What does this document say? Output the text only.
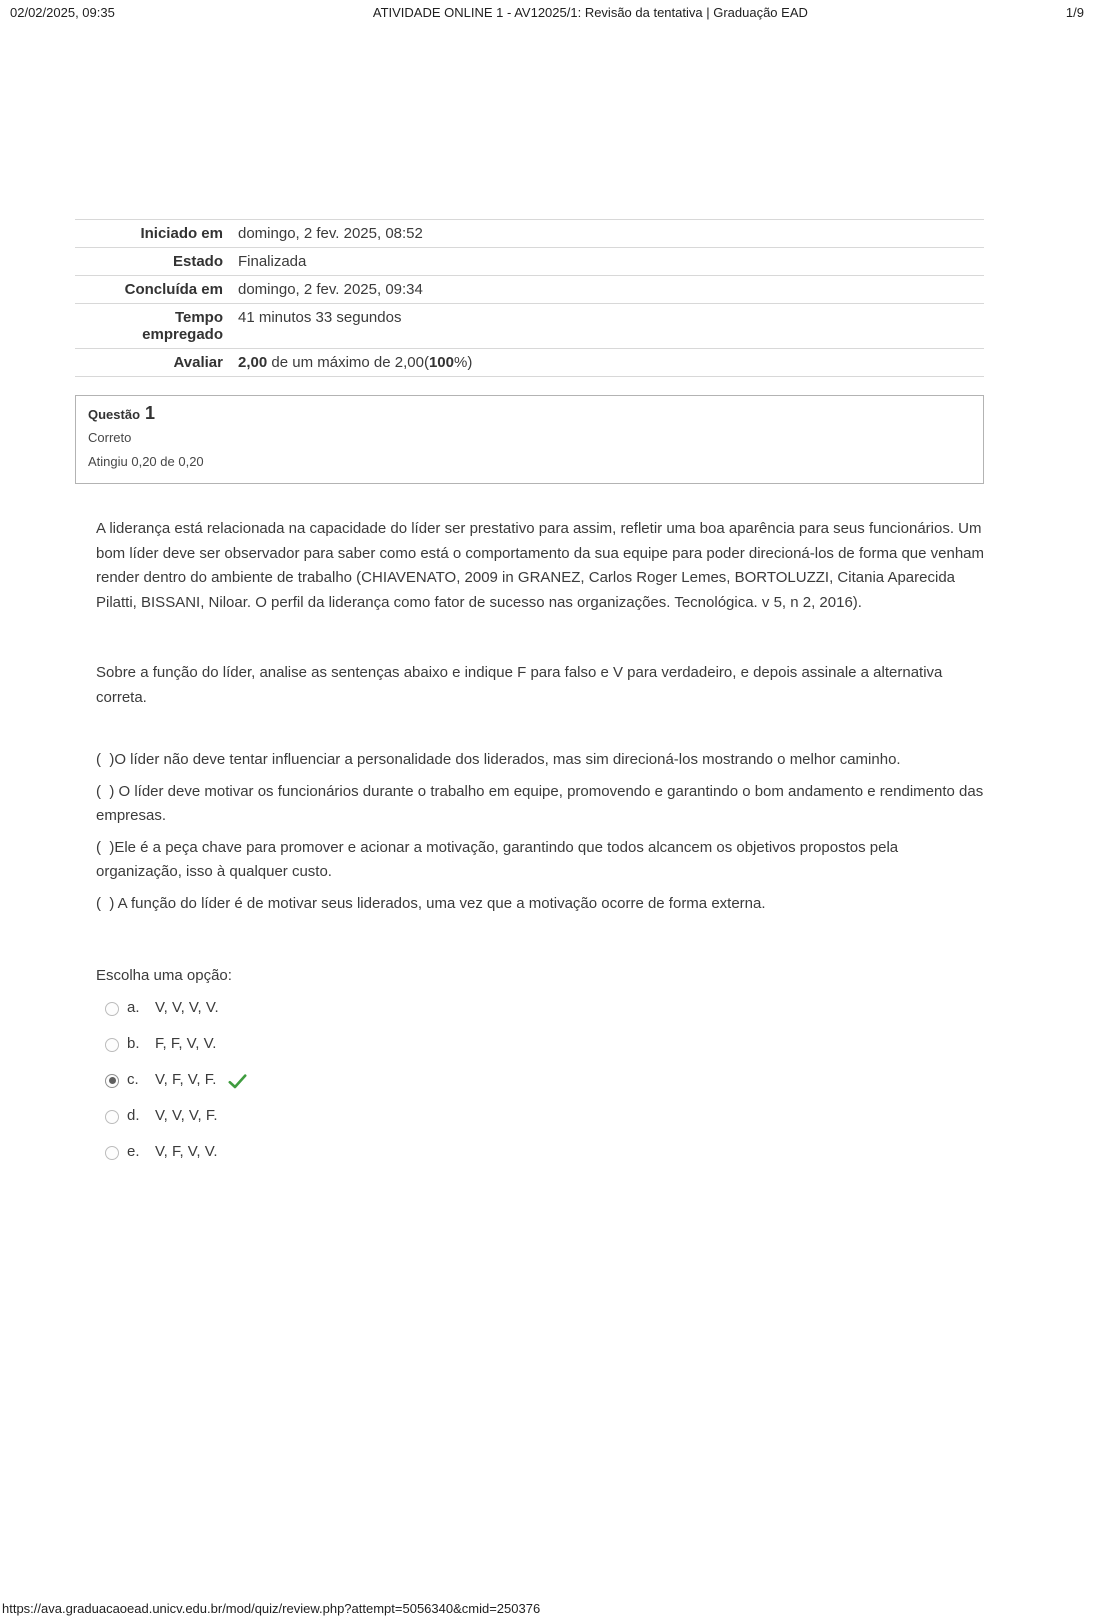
02/02/2025, 09:35	ATIVIDADE ONLINE 1 - AV12025/1: Revisão da tentativa | Graduação EAD	1/9
Iniciado em	domingo, 2 fev. 2025, 08:52
Estado	Finalizada
Concluída em	domingo, 2 fev. 2025, 09:34
Tempo empregado	41 minutos 33 segundos
Avaliar	2,00 de um máximo de 2,00(100%)
Questão 1
Correto
Atingiu 0,20 de 0,20

A liderança está relacionada na capacidade do líder ser prestativo para assim, refletir uma boa aparência para seus funcionários. Um bom líder deve ser observador para saber como está o comportamento da sua equipe para poder direcioná-los de forma que venham render dentro do ambiente de trabalho (CHIAVENATO, 2009 in GRANEZ, Carlos Roger Lemes, BORTOLUZZI, Citania Aparecida Pilatti, BISSANI, Niloar. O perfil da liderança como fator de sucesso nas organizações. Tecnológica. v 5, n 2, 2016).

Sobre a função do líder, analise as sentenças abaixo e indique F para falso e V para verdadeiro, e depois assinale a alternativa correta.

(  )O líder não deve tentar influenciar a personalidade dos liderados, mas sim direcioná-los mostrando o melhor caminho.

(  ) O líder deve motivar os funcionários durante o trabalho em equipe, promovendo e garantindo o bom andamento e rendimento das empresas.

(  )Ele é a peça chave para promover e acionar a motivação, garantindo que todos alcancem os objetivos propostos pela organização, isso à qualquer custo.

(  ) A função do líder é de motivar seus liderados, uma vez que a motivação ocorre de forma externa.

Escolha uma opção:

a.	V, V, V, V.
b.	F, F, V, V.
c.	V, F, V, F.
d.	V, V, V, F.
e.	V, F, V, V.
https://ava.graduacaoead.unicv.edu.br/mod/quiz/review.php?attempt=5056340&cmid=250376
